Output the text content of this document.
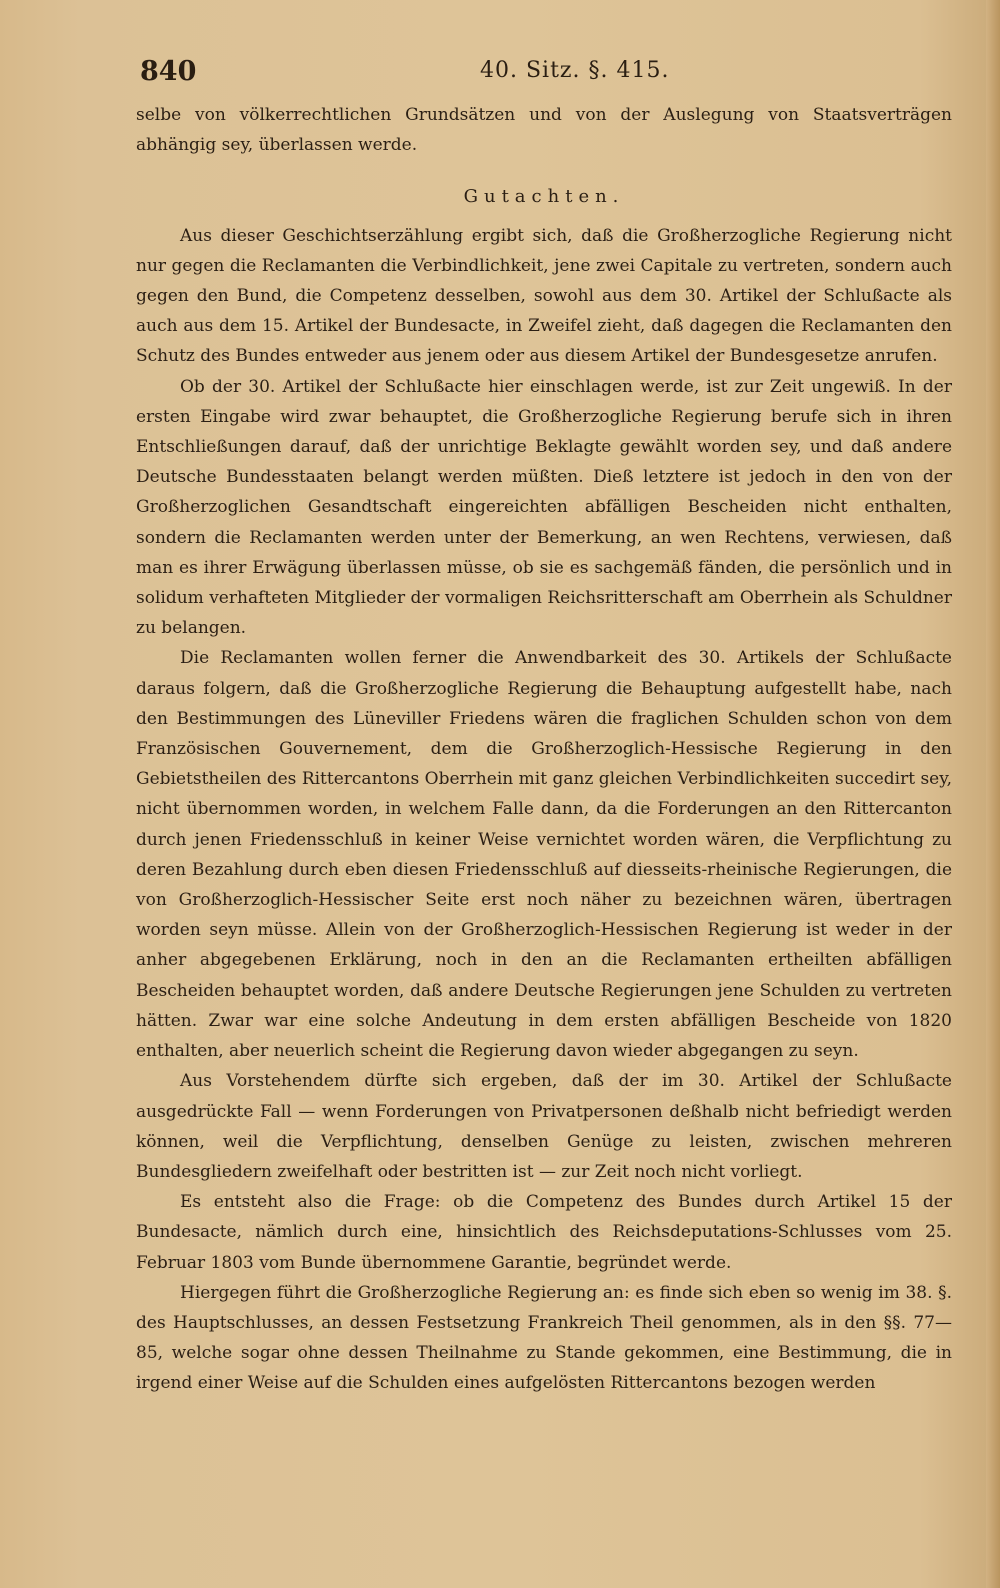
840	40. Sitz. §. 415.

selbe von völkerrechtlichen Grundsätzen und von der Auslegung von Staatsverträgen abhängig sey, überlassen werde.

Gutachten.

Aus dieser Geschichtserzählung ergibt sich, daß die Großherzogliche Regierung nicht nur gegen die Reclamanten die Verbindlichkeit, jene zwei Capitale zu vertreten, sondern auch gegen den Bund, die Competenz desselben, sowohl aus dem 30. Artikel der Schlußacte als auch aus dem 15. Artikel der Bundesacte, in Zweifel zieht, daß dagegen die Reclamanten den Schutz des Bundes entweder aus jenem oder aus diesem Artikel der Bundesgesetze anrufen.

Ob der 30. Artikel der Schlußacte hier einschlagen werde, ist zur Zeit ungewiß. In der ersten Eingabe wird zwar behauptet, die Großherzogliche Regierung berufe sich in ihren Entschließungen darauf, daß der unrichtige Beklagte gewählt worden sey, und daß andere Deutsche Bundesstaaten belangt werden müßten. Dieß letztere ist jedoch in den von der Großherzoglichen Gesandtschaft eingereichten abfälligen Bescheiden nicht enthalten, sondern die Reclamanten werden unter der Bemerkung, an wen Rechtens, verwiesen, daß man es ihrer Erwägung überlassen müsse, ob sie es sachgemäß fänden, die persönlich und in solidum verhafteten Mitglieder der vormaligen Reichsritterschaft am Oberrhein als Schuldner zu belangen.

Die Reclamanten wollen ferner die Anwendbarkeit des 30. Artikels der Schlußacte daraus folgern, daß die Großherzogliche Regierung die Behauptung aufgestellt habe, nach den Bestimmungen des Lüneviller Friedens wären die fraglichen Schulden schon von dem Französischen Gouvernement, dem die Großherzoglich-Hessische Regierung in den Gebietstheilen des Rittercantons Oberrhein mit ganz gleichen Verbindlichkeiten succedirt sey, nicht übernommen worden, in welchem Falle dann, da die Forderungen an den Rittercanton durch jenen Friedensschluß in keiner Weise vernichtet worden wären, die Verpflichtung zu deren Bezahlung durch eben diesen Friedensschluß auf diesseits-rheinische Regierungen, die von Großherzoglich-Hessischer Seite erst noch näher zu bezeichnen wären, übertragen worden seyn müsse. Allein von der Großherzoglich-Hessischen Regierung ist weder in der anher abgegebenen Erklärung, noch in den an die Reclamanten ertheilten abfälligen Bescheiden behauptet worden, daß andere Deutsche Regierungen jene Schulden zu vertreten hätten. Zwar war eine solche Andeutung in dem ersten abfälligen Bescheide von 1820 enthalten, aber neuerlich scheint die Regierung davon wieder abgegangen zu seyn.

Aus Vorstehendem dürfte sich ergeben, daß der im 30. Artikel der Schlußacte ausgedrückte Fall — wenn Forderungen von Privatpersonen deßhalb nicht befriedigt werden können, weil die Verpflichtung, denselben Genüge zu leisten, zwischen mehreren Bundesgliedern zweifelhaft oder bestritten ist — zur Zeit noch nicht vorliegt.

Es entsteht also die Frage: ob die Competenz des Bundes durch Artikel 15 der Bundesacte, nämlich durch eine, hinsichtlich des Reichsdeputations-Schlusses vom 25. Februar 1803 vom Bunde übernommene Garantie, begründet werde.

Hiergegen führt die Großherzogliche Regierung an: es finde sich eben so wenig im 38. §. des Hauptschlusses, an dessen Festsetzung Frankreich Theil genommen, als in den §§. 77—85, welche sogar ohne dessen Theilnahme zu Stande gekommen, eine Bestimmung, die in irgend einer Weise auf die Schulden eines aufgelösten Rittercantons bezogen werden
